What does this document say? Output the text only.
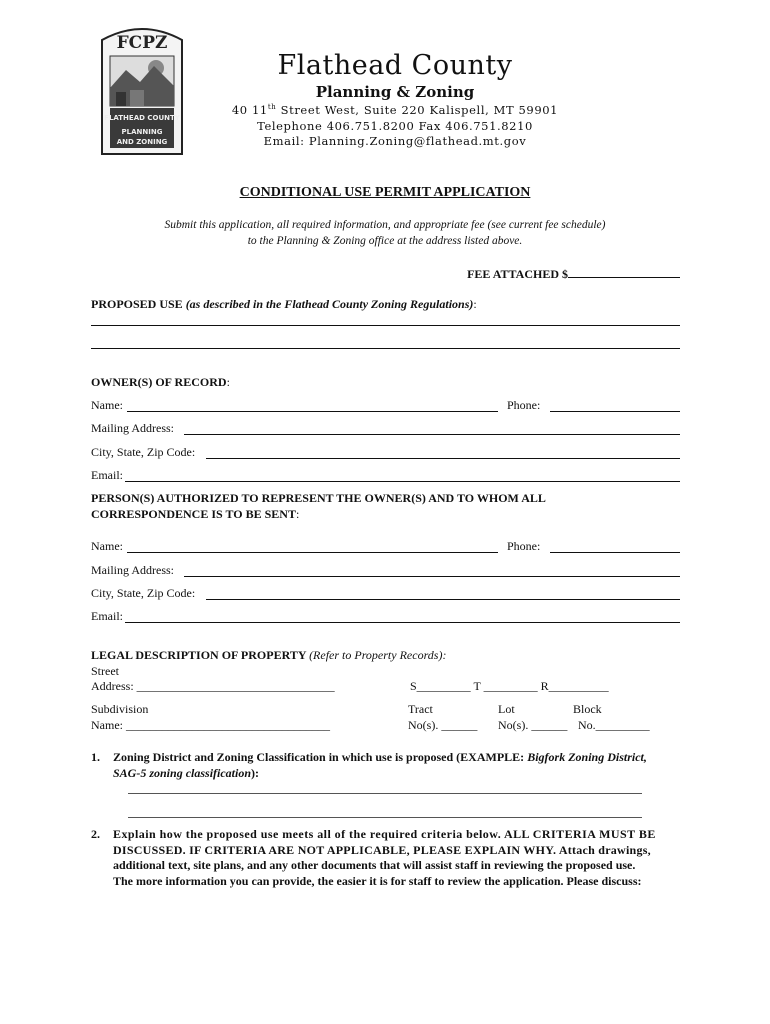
FCPZ
FLATHEAD COUNTY
PLANNING
AND ZONING
Flathead County
Planning & Zoning
40 11th Street West, Suite 220 Kalispell, MT 59901
Telephone 406.751.8200 Fax 406.751.8210
Email: Planning.Zoning@flathead.mt.gov
CONDITIONAL USE PERMIT APPLICATION
Submit this application, all required information, and appropriate fee (see current fee schedule)
to the Planning & Zoning office at the address listed above.
FEE ATTACHED $
PROPOSED USE (as described in the Flathead County Zoning Regulations):
OWNER(S) OF RECORD:
Name:	Phone:
Mailing Address:
City, State, Zip Code:
Email:
PERSON(S) AUTHORIZED TO REPRESENT THE OWNER(S) AND TO WHOM ALL
CORRESPONDENCE IS TO BE SENT:
Name:	Phone:
Mailing Address:
City, State, Zip Code:
Email:
LEGAL DESCRIPTION OF PROPERTY (Refer to Property Records):
Street
Address: _________________________________	S_________ T _________ R__________
Subdivision
Name: __________________________________
Tract
No(s). ______
Lot
No(s). ______
Block
No._________
1. Zoning District and Zoning Classification in which use is proposed (EXAMPLE: Bigfork Zoning District,
SAG-5 zoning classification):
2. Explain how the proposed use meets all of the required criteria below. ALL CRITERIA MUST BE
DISCUSSED. IF CRITERIA ARE NOT APPLICABLE, PLEASE EXPLAIN WHY. Attach drawings,
additional text, site plans, and any other documents that will assist staff in reviewing the proposed use.
The more information you can provide, the easier it is for staff to review the application. Please discuss:
